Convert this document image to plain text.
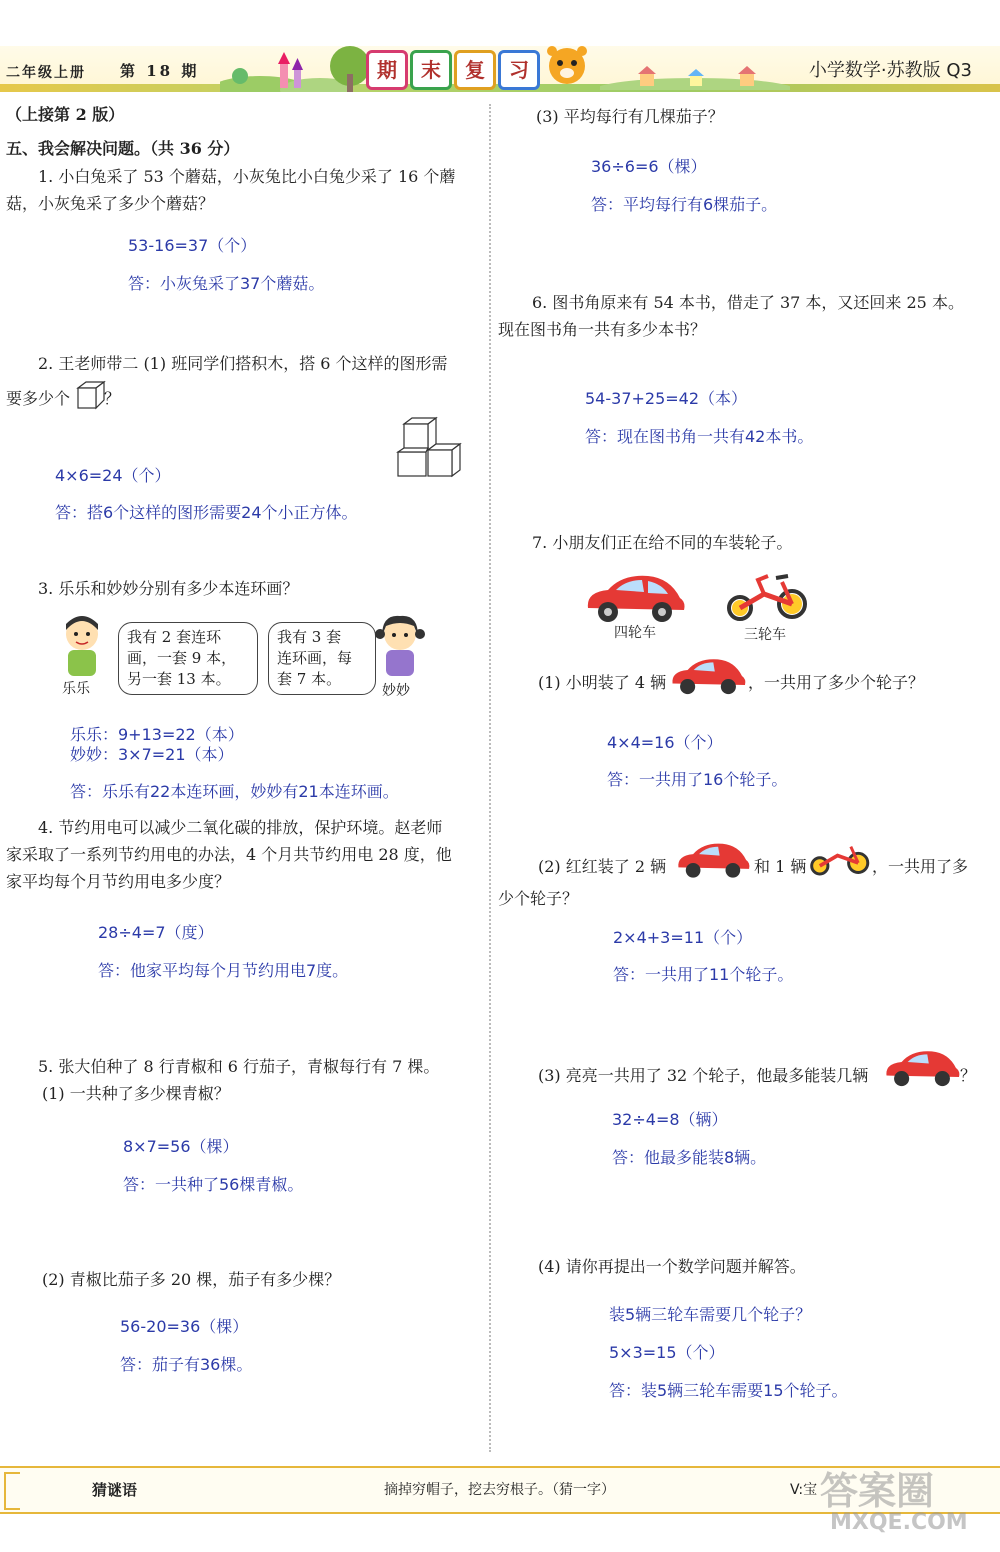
二年级上册 第 18 期	期	末	复	习	小学数学·苏教版 Q3
（上接第 2 版）
五、我会解决问题。（共 36 分）
1. 小白兔采了 53 个蘑菇，小灰兔比小白兔少采了 16 个蘑
菇，小灰兔采了多少个蘑菇？
53-16=37（个）
答：小灰兔采了37个蘑菇。
2. 王老师带二 (1) 班同学们搭积木，搭 6 个这样的图形需
要多少个 ？
4×6=24（个）
答：搭6个这样的图形需要24个小正方体。
3. 乐乐和妙妙分别有多少本连环画？
乐乐
我有 2 套连环
画，一套 9 本，
另一套 13 本。
我有 3 套
连环画，每
套 7 本。
妙妙
乐乐：9+13=22（本）
妙妙：3×7=21（本）
答：乐乐有22本连环画，妙妙有21本连环画。
4. 节约用电可以减少二氧化碳的排放，保护环境。赵老师
家采取了一系列节约用电的办法，4 个月共节约用电 28 度，他
家平均每个月节约用电多少度？
28÷4=7（度）
答：他家平均每个月节约用电7度。
5. 张大伯种了 8 行青椒和 6 行茄子，青椒每行有 7 棵。
(1) 一共种了多少棵青椒？
8×7=56（棵）
答：一共种了56棵青椒。
(2) 青椒比茄子多 20 棵，茄子有多少棵？
56-20=36（棵）
答：茄子有36棵。
(3) 平均每行有几棵茄子？
36÷6=6（棵）
答：平均每行有6棵茄子。
6. 图书角原来有 54 本书，借走了 37 本，又还回来 25 本。
现在图书角一共有多少本书？
54-37+25=42（本）
答：现在图书角一共有42本书。
7. 小朋友们正在给不同的车装轮子。
四轮车	三轮车
(1) 小明装了 4 辆	，一共用了多少个轮子？
4×4=16（个）
答：一共用了16个轮子。
(2) 红红装了 2 辆	和 1 辆	，一共用了多
少个轮子？
2×4+3=11（个）
答：一共用了11个轮子。
(3) 亮亮一共用了 32 个轮子，他最多能装几辆	？
32÷4=8（辆）
答：他最多能装8辆。
(4) 请你再提出一个数学问题并解答。
装5辆三轮车需要几个轮子？
5×3=15（个）
答：装5辆三轮车需要15个轮子。
猜谜语	摘掉穷帽子，挖去穷根子。（猜一字）	V:宝 答案圈
MXQE.COM
